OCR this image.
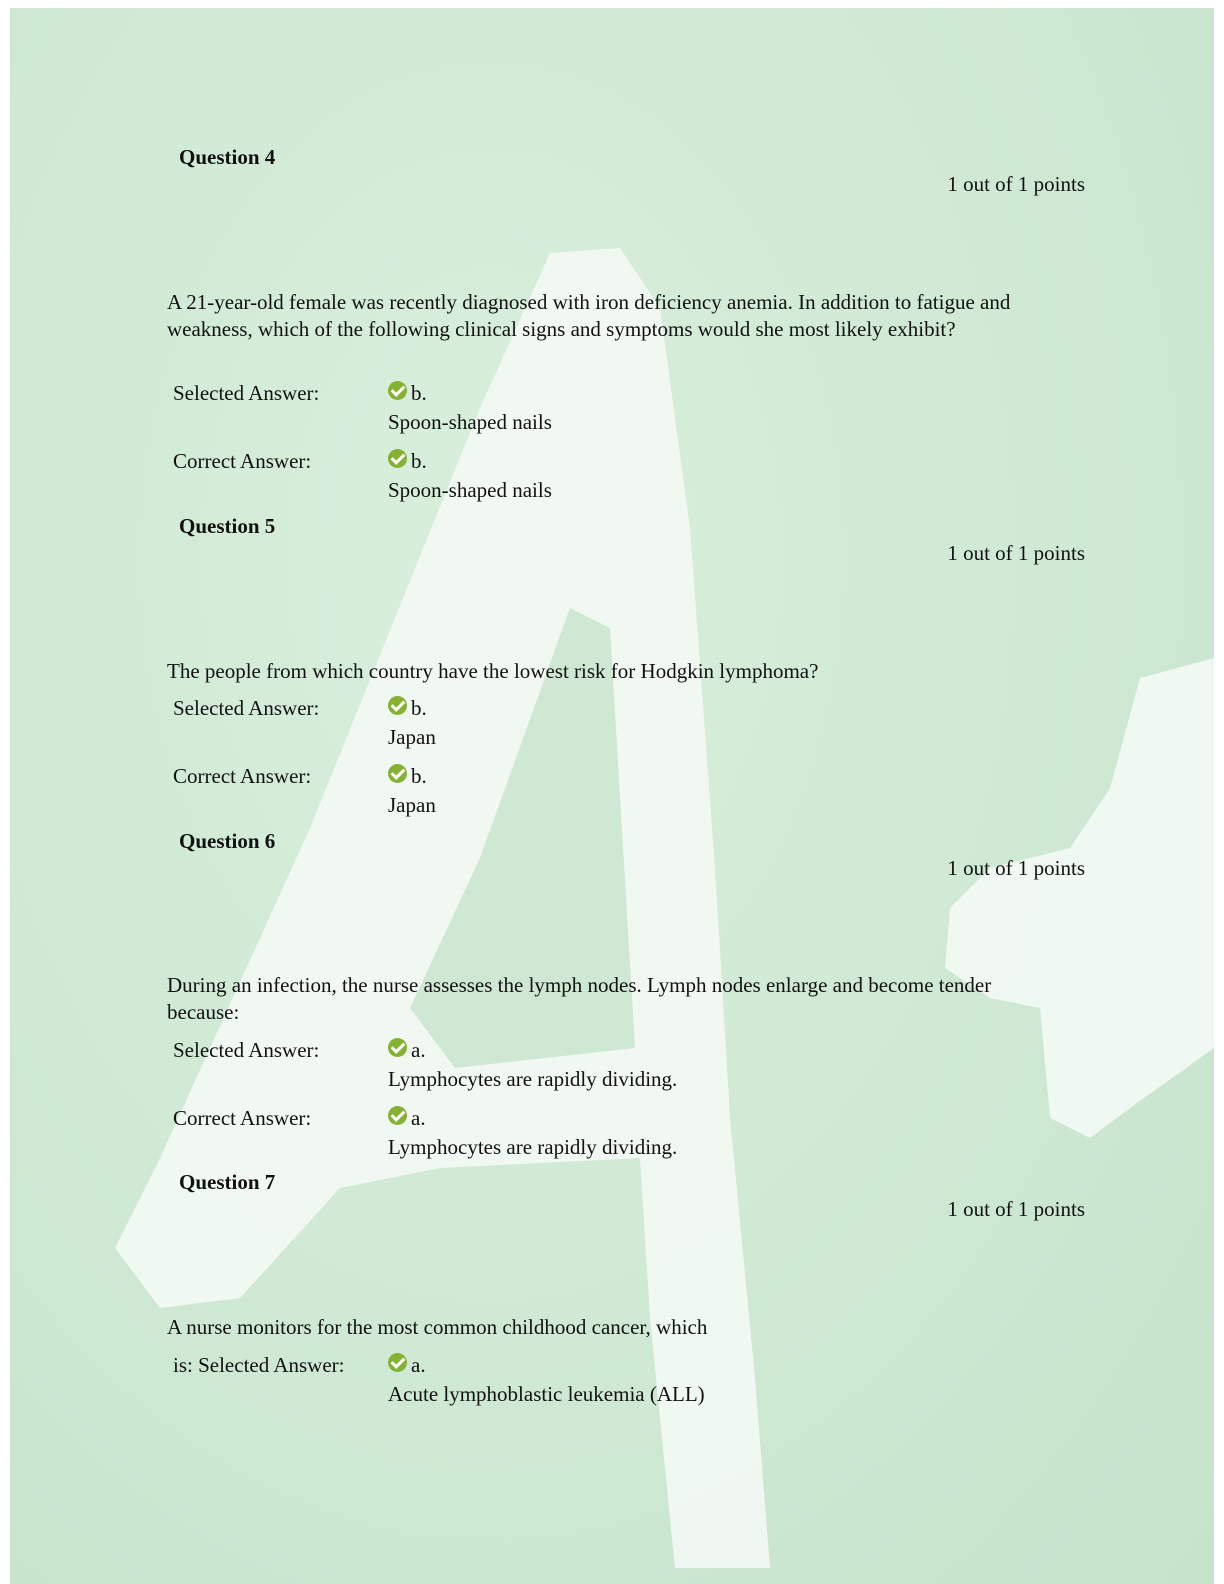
Question 4
1 out of 1 points
A 21-year-old female was recently diagnosed with iron deficiency anemia. In addition to fatigue and weakness, which of the following clinical signs and symptoms would she most likely exhibit?
Selected Answer:	b.
Spoon-shaped nails
Correct Answer:	b.
Spoon-shaped nails
Question 5
1 out of 1 points
The people from which country have the lowest risk for Hodgkin lymphoma?
Selected Answer:	b.
Japan
Correct Answer:	b.
Japan
Question 6
1 out of 1 points
During an infection, the nurse assesses the lymph nodes. Lymph nodes enlarge and become tender because:
Selected Answer:	a.
Lymphocytes are rapidly dividing.
Correct Answer:	a.
Lymphocytes are rapidly dividing.
Question 7
1 out of 1 points
A nurse monitors for the most common childhood cancer, which
is: Selected Answer:	a.
Acute lymphoblastic leukemia (ALL)
